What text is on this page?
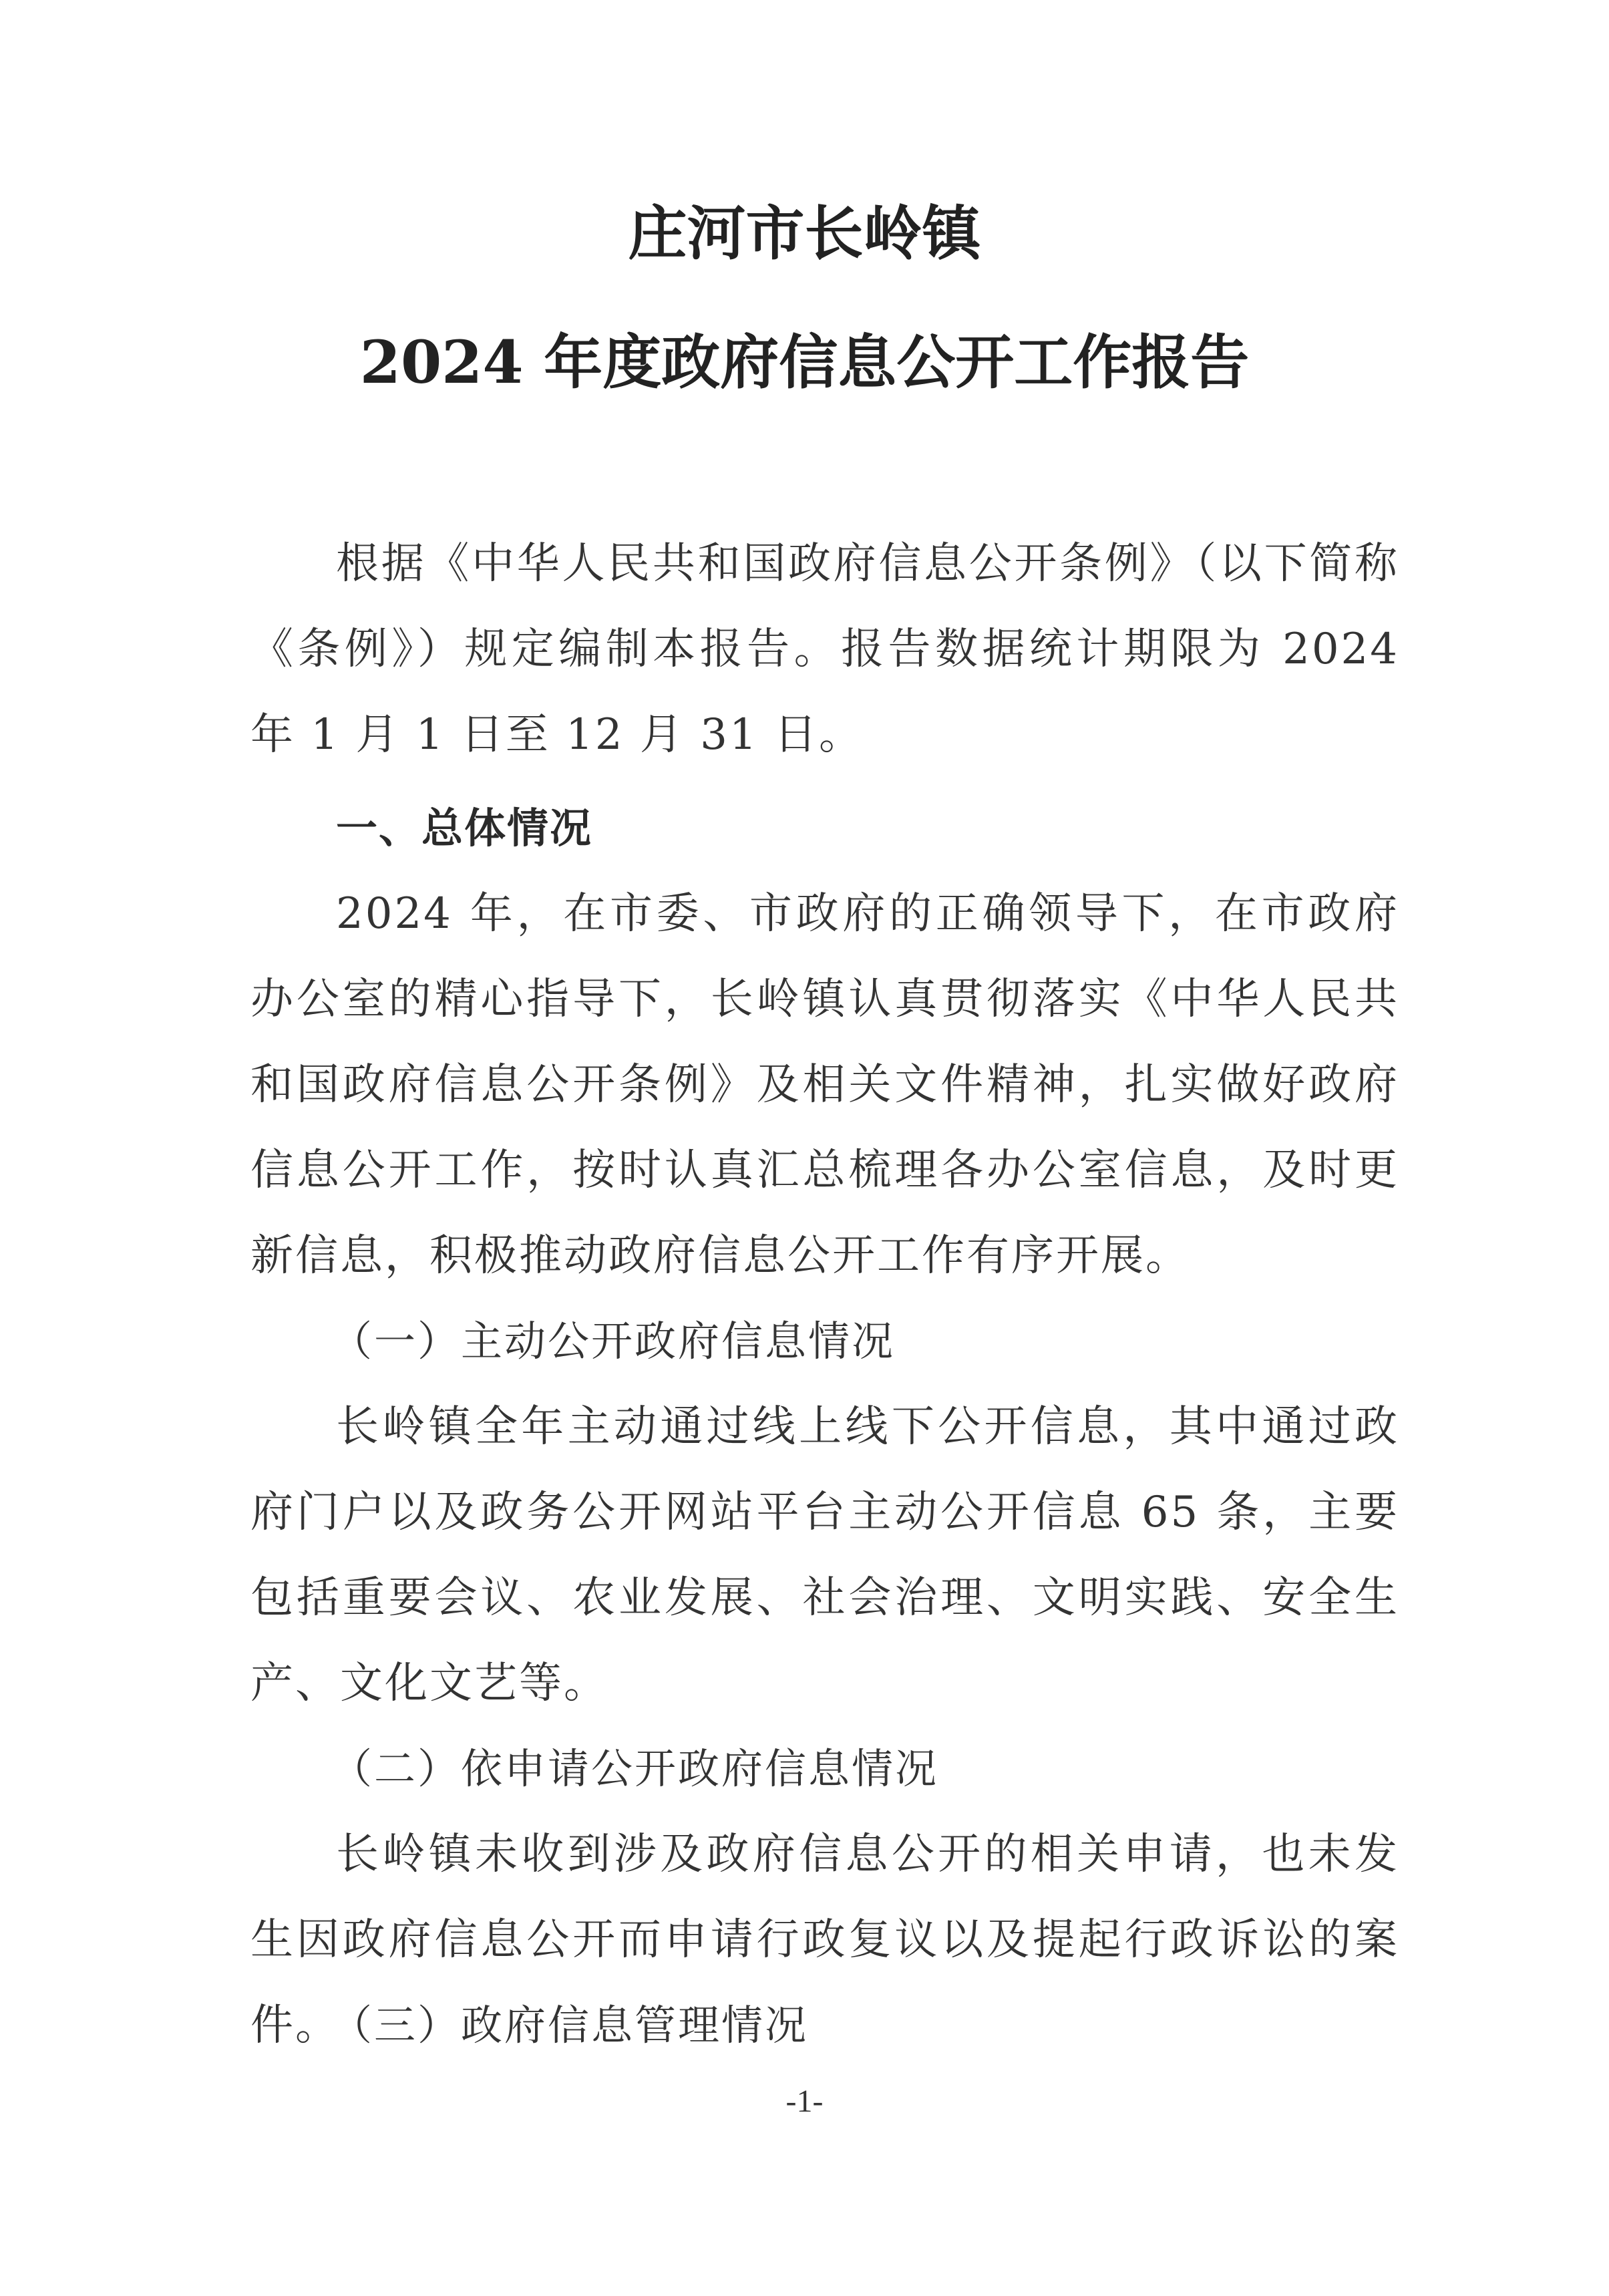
庄河市长岭镇
2024 年度政府信息公开工作报告

根据《中华人民共和国政府信息公开条例》（以下简称《条例》）规定编制本报告。报告数据统计期限为 2024 年 1 月 1 日至 12 月 31 日。

一、总体情况

2024 年，在市委、市政府的正确领导下，在市政府办公室的精心指导下，长岭镇认真贯彻落实《中华人民共和国政府信息公开条例》及相关文件精神，扎实做好政府信息公开工作，按时认真汇总梳理各办公室信息，及时更新信息，积极推动政府信息公开工作有序开展。

（一）主动公开政府信息情况

长岭镇全年主动通过线上线下公开信息，其中通过政府门户以及政务公开网站平台主动公开信息 65 条，主要包括重要会议、农业发展、社会治理、文明实践、安全生产、文化文艺等。

（二）依申请公开政府信息情况

长岭镇未收到涉及政府信息公开的相关申请，也未发生因政府信息公开而申请行政复议以及提起行政诉讼的案件。

（三）政府信息管理情况
-1-
